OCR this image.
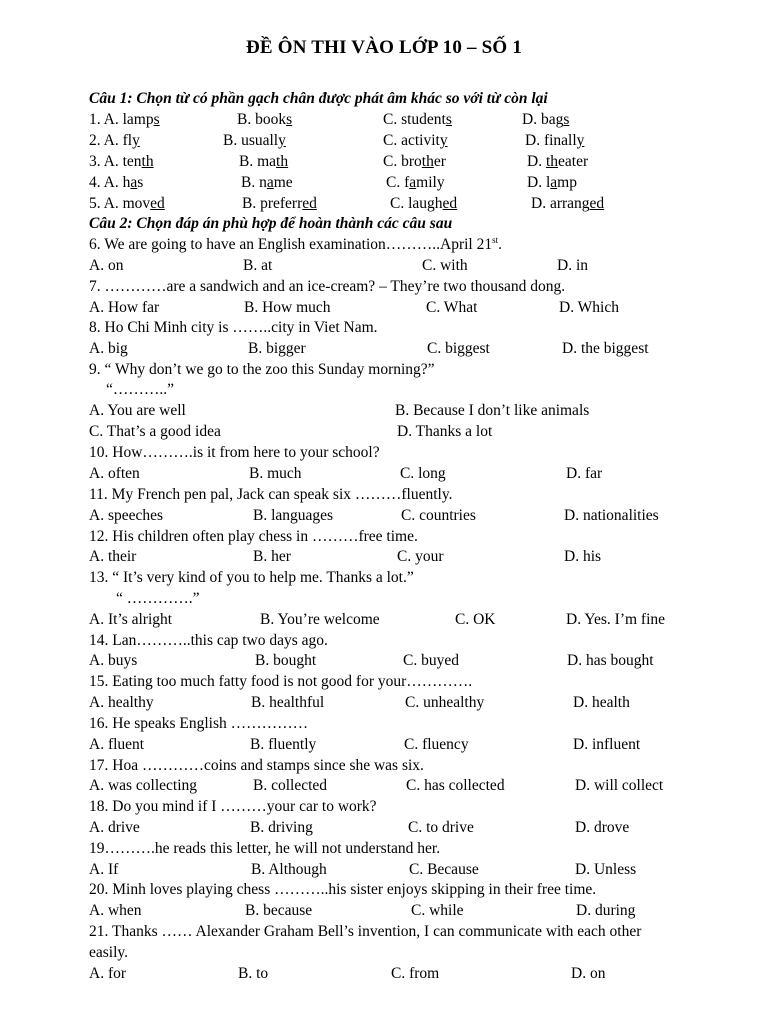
ĐỀ ÔN THI VÀO LỚP 10 – SỐ 1
Câu 1: Chọn từ có phần gạch chân được phát âm khác so với từ còn lại
1. A. lamps	B. books	C. students	D. bags
2. A. fly	B. usually	C. activity	D. finally
3. A. tenth	B. math	C. brother	D. theater
4. A. has	B. name	C. family	D. lamp
5. A. moved	B. preferred	C. laughed	D. arranged
Câu 2: Chọn đáp án phù hợp để hoàn thành các câu sau
6. We are going to have an English examination………..April 21st.
A. on	B. at	C. with	D. in
7. …………are a sandwich and an ice-cream? – They’re two thousand dong.
A. How far	B. How much	C. What	D. Which
8. Ho Chi Minh city is ……..city in Viet Nam.
A. big	B. bigger	C. biggest	D. the biggest
9. “ Why don’t we go to the zoo this Sunday morning?”
“………..”
A. You are well	B. Because I don’t like animals
C. That’s a good idea	D. Thanks a lot
10. How……….is it from here to your school?
A. often	B. much	C. long	D. far
11. My French pen pal, Jack can speak six ………fluently.
A. speeches	B. languages	C. countries	D. nationalities
12. His children often play chess in ………free time.
A. their	B. her	C. your	D. his
13. “ It’s very kind of you to help me. Thanks a lot.”
“ ………….”
A. It’s alright	B. You’re welcome	C. OK	D. Yes. I’m fine
14. Lan………..this cap two days ago.
A. buys	B. bought	C. buyed	D. has bought
15. Eating too much fatty food is not good for your………….
A. healthy	B. healthful	C. unhealthy	D. health
16. He speaks English ……………
A. fluent	B. fluently	C. fluency	D. influent
17. Hoa …………coins and stamps since she was six.
A. was collecting	B. collected	C. has collected	D. will collect
18. Do you mind if I ………your car to work?
A. drive	B. driving	C. to drive	D. drove
19……….he reads this letter, he will not understand her.
A. If	B. Although	C. Because	D. Unless
20. Minh loves playing chess ………..his sister enjoys skipping in their free time.
A. when	B. because	C. while	D. during
21. Thanks …… Alexander Graham Bell’s invention, I can communicate with each other
easily.
A. for	B. to	C. from	D. on
